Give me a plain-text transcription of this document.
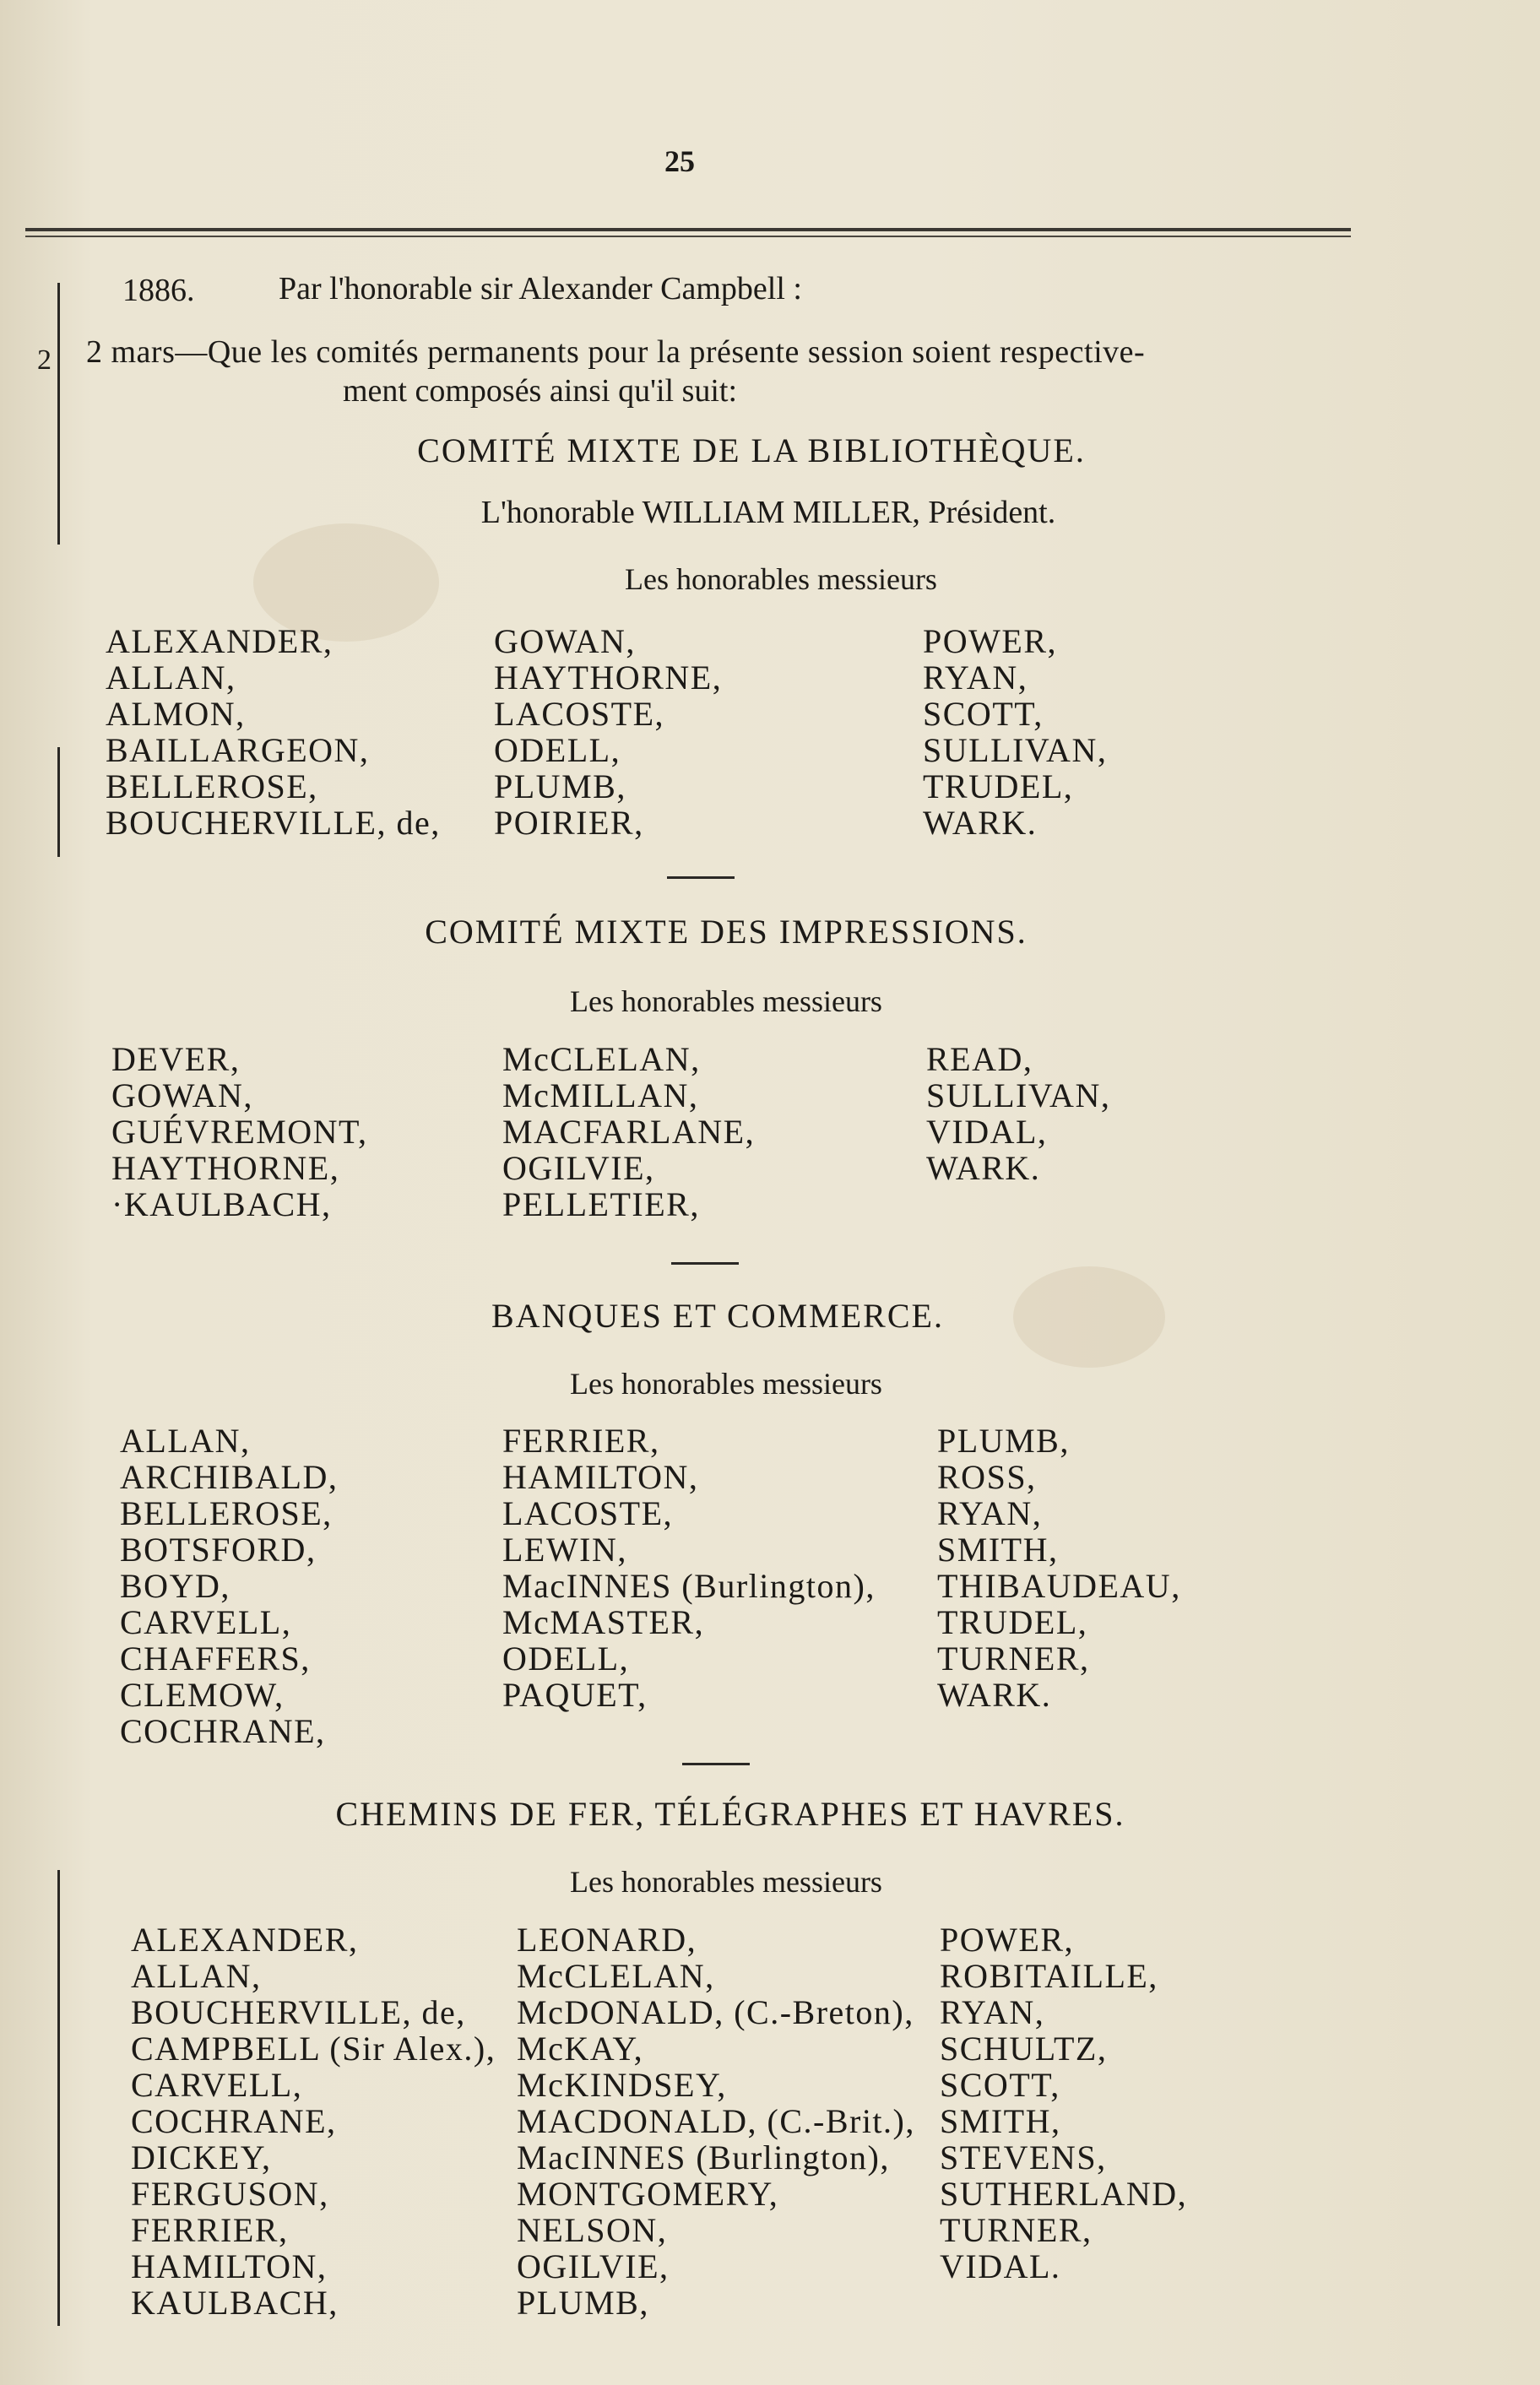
25
2
1886.	Par l'honorable sir Alexander Campbell :
2 mars—Que les comités permanents pour la présente session soient respective-
ment composés ainsi qu'il suit:
COMITÉ MIXTE DE LA BIBLIOTHÈQUE.
L'honorable WILLIAM MILLER, Président.
Les honorables messieurs
ALEXANDER,
ALLAN,
ALMON,
BAILLARGEON,
BELLEROSE,
BOUCHERVILLE, de,
GOWAN,
HAYTHORNE,
LACOSTE,
ODELL,
PLUMB,
POIRIER,
POWER,
RYAN,
SCOTT,
SULLIVAN,
TRUDEL,
WARK.
COMITÉ MIXTE DES IMPRESSIONS.
Les honorables messieurs
DEVER,
GOWAN,
GUÉVREMONT,
HAYTHORNE,
·KAULBACH,
McCLELAN,
McMILLAN,
MACFARLANE,
OGILVIE,
PELLETIER,
READ,
SULLIVAN,
VIDAL,
WARK.
BANQUES ET COMMERCE.
Les honorables messieurs
ALLAN,
ARCHIBALD,
BELLEROSE,
BOTSFORD,
BOYD,
CARVELL,
CHAFFERS,
CLEMOW,
COCHRANE,
FERRIER,
HAMILTON,
LACOSTE,
LEWIN,
MacINNES (Burlington),
McMASTER,
ODELL,
PAQUET,
PLUMB,
ROSS,
RYAN,
SMITH,
THIBAUDEAU,
TRUDEL,
TURNER,
WARK.
CHEMINS DE FER, TÉLÉGRAPHES ET HAVRES.
Les honorables messieurs
ALEXANDER,
ALLAN,
BOUCHERVILLE, de,
CAMPBELL (Sir Alex.),
CARVELL,
COCHRANE,
DICKEY,
FERGUSON,
FERRIER,
HAMILTON,
KAULBACH,
LEONARD,
McCLELAN,
McDONALD, (C.-Breton),
McKAY,
McKINDSEY,
MACDONALD, (C.-Brit.),
MacINNES (Burlington),
MONTGOMERY,
NELSON,
OGILVIE,
PLUMB,
POWER,
ROBITAILLE,
RYAN,
SCHULTZ,
SCOTT,
SMITH,
STEVENS,
SUTHERLAND,
TURNER,
VIDAL.
